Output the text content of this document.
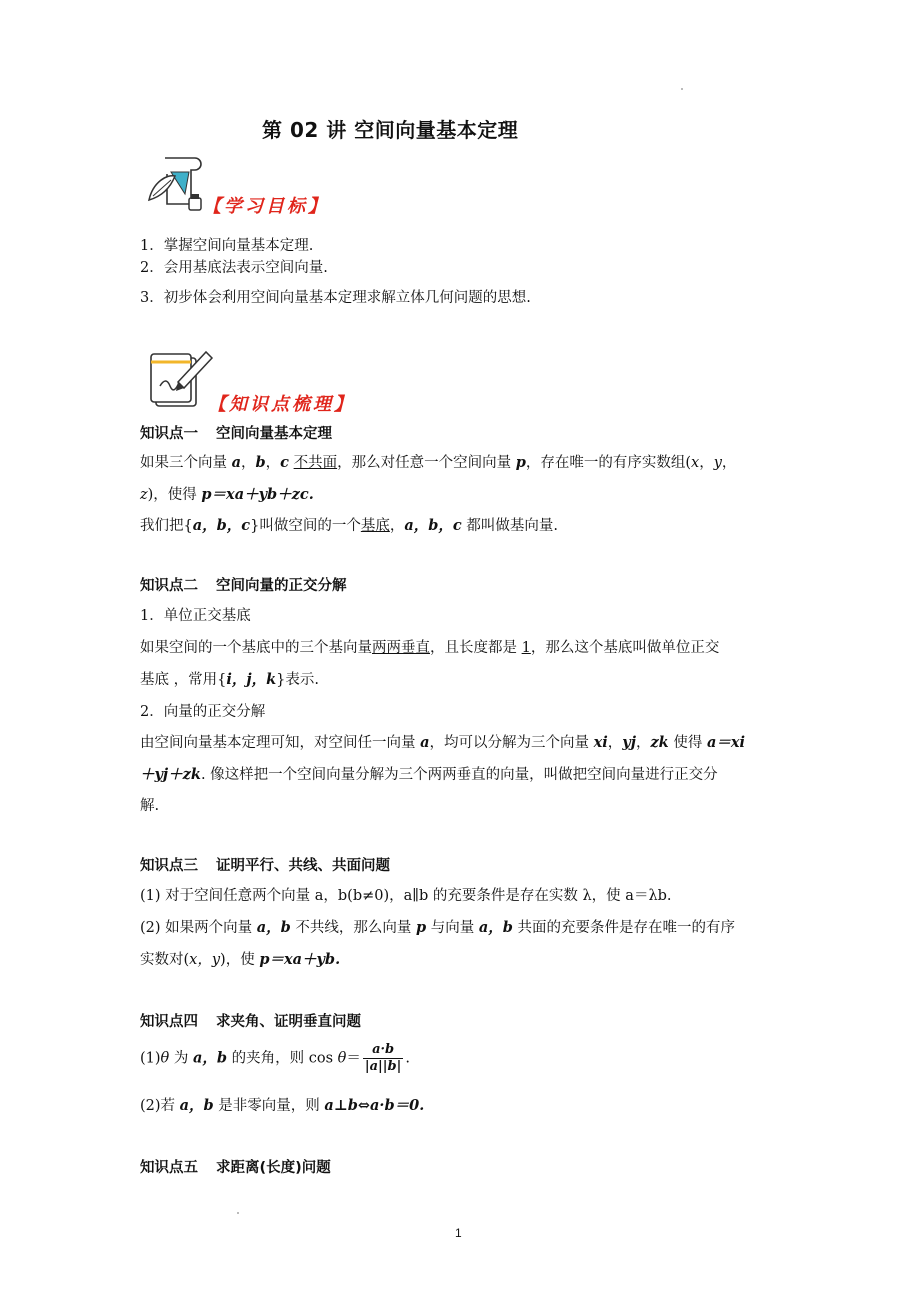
第 02 讲 空间向量基本定理
【学习目标】
1．掌握空间向量基本定理.
2．会用基底法表示空间向量.
3．初步体会利用空间向量基本定理求解立体几何问题的思想.
【知识点梳理】
知识点一 空间向量基本定理
如果三个向量 a，b，c 不共面，那么对任意一个空间向量 p，存在唯一的有序实数组(x，y，
z)，使得 p＝xa＋yb＋zc.
我们把{a，b，c}叫做空间的一个基底，a，b，c 都叫做基向量.
知识点二 空间向量的正交分解
1．单位正交基底
如果空间的一个基底中的三个基向量两两垂直，且长度都是 1，那么这个基底叫做单位正交
基底 ，常用{i，j，k}表示.
2．向量的正交分解
由空间向量基本定理可知，对空间任一向量 a，均可以分解为三个向量 xi，yj，zk 使得 a＝xi
＋yj＋zk. 像这样把一个空间向量分解为三个两两垂直的向量，叫做把空间向量进行正交分
解.
知识点三 证明平行、共线、共面问题
(1) 对于空间任意两个向量 a，b(b≠0)，a∥b 的充要条件是存在实数 λ，使 a＝λb.
(2) 如果两个向量 a，b 不共线，那么向量 p 与向量 a，b 共面的充要条件是存在唯一的有序
实数对(x，y)，使 p＝xa＋yb.
知识点四 求夹角、证明垂直问题
(1)θ 为 a，b 的夹角，则 $\cos \theta= \frac{a\cdot b}{|a||b|}$ .
(2)若 a，b 是非零向量，则 a⊥b⇔a·b＝0.
知识点五 求距离(长度)问题
1
